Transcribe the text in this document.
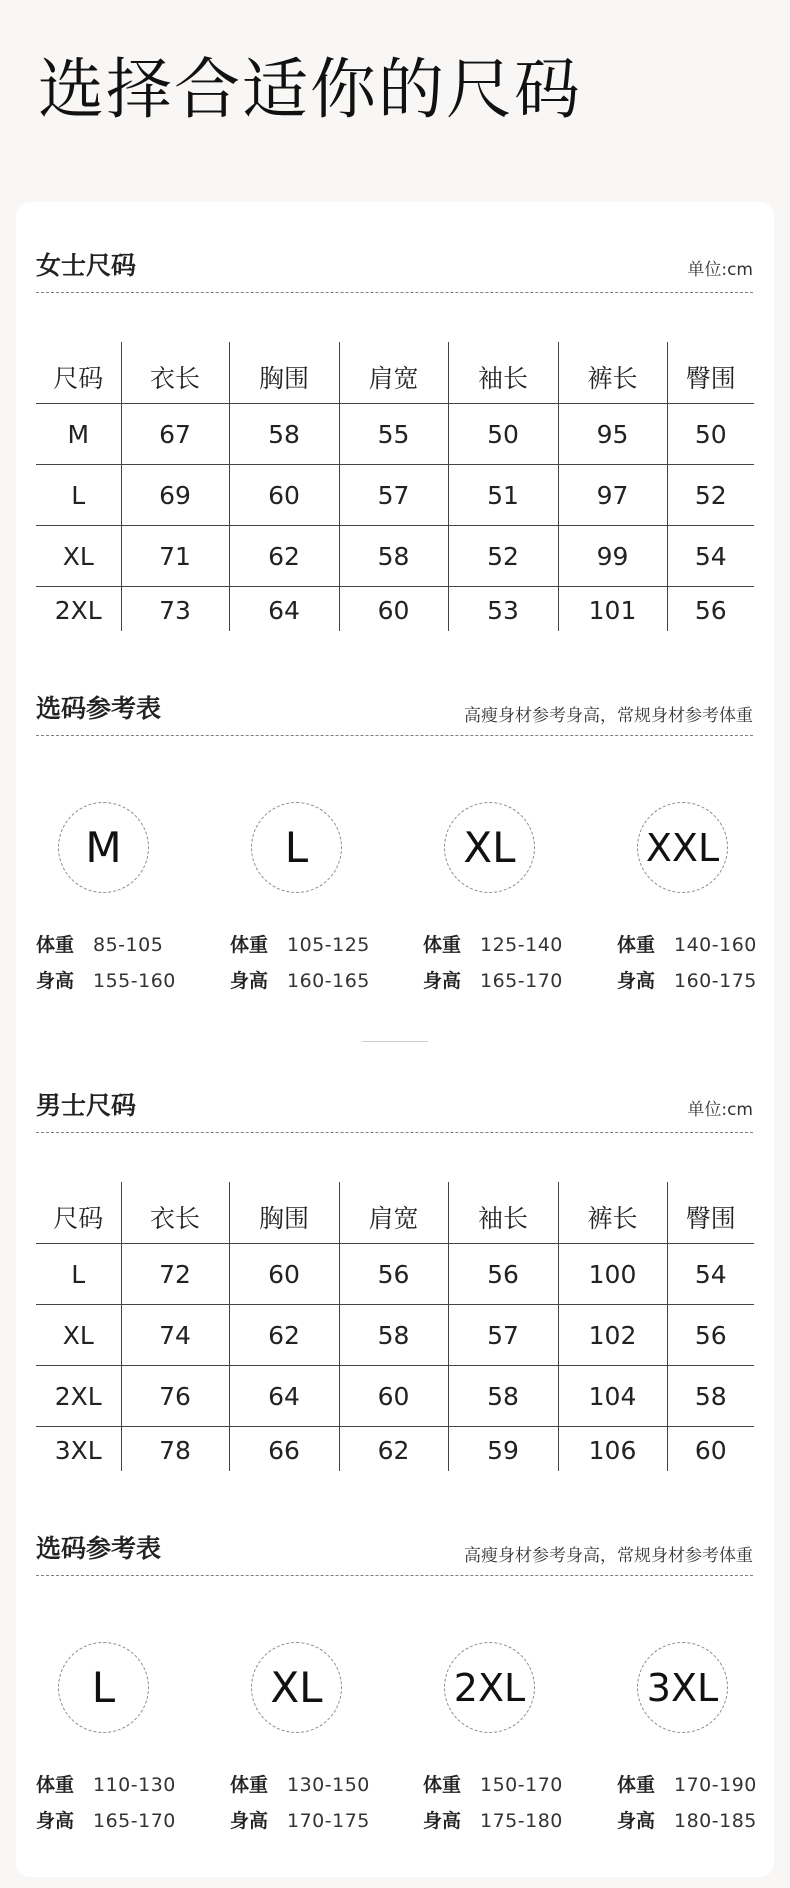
选择合适你的尺码
女士尺码	单位:cm
尺码	衣长	胸围	肩宽	袖长	裤长	臀围
M	67	58	55	50	95	50
L	69	60	57	51	97	52
XL	71	62	58	52	99	54
2XL	73	64	60	53	101	56
选码参考表	高瘦身材参考身高，常规身材参考体重
M
体重 85-105
身高 155-160
L
体重 105-125
身高 160-165
XL
体重 125-140
身高 165-170
XXL
体重 140-160
身高 160-175
男士尺码	单位:cm
尺码	衣长	胸围	肩宽	袖长	裤长	臀围
L	72	60	56	56	100	54
XL	74	62	58	57	102	56
2XL	76	64	60	58	104	58
3XL	78	66	62	59	106	60
选码参考表	高瘦身材参考身高，常规身材参考体重
L
体重 110-130
身高 165-170
XL
体重 130-150
身高 170-175
2XL
体重 150-170
身高 175-180
3XL
体重 170-190
身高 180-185
